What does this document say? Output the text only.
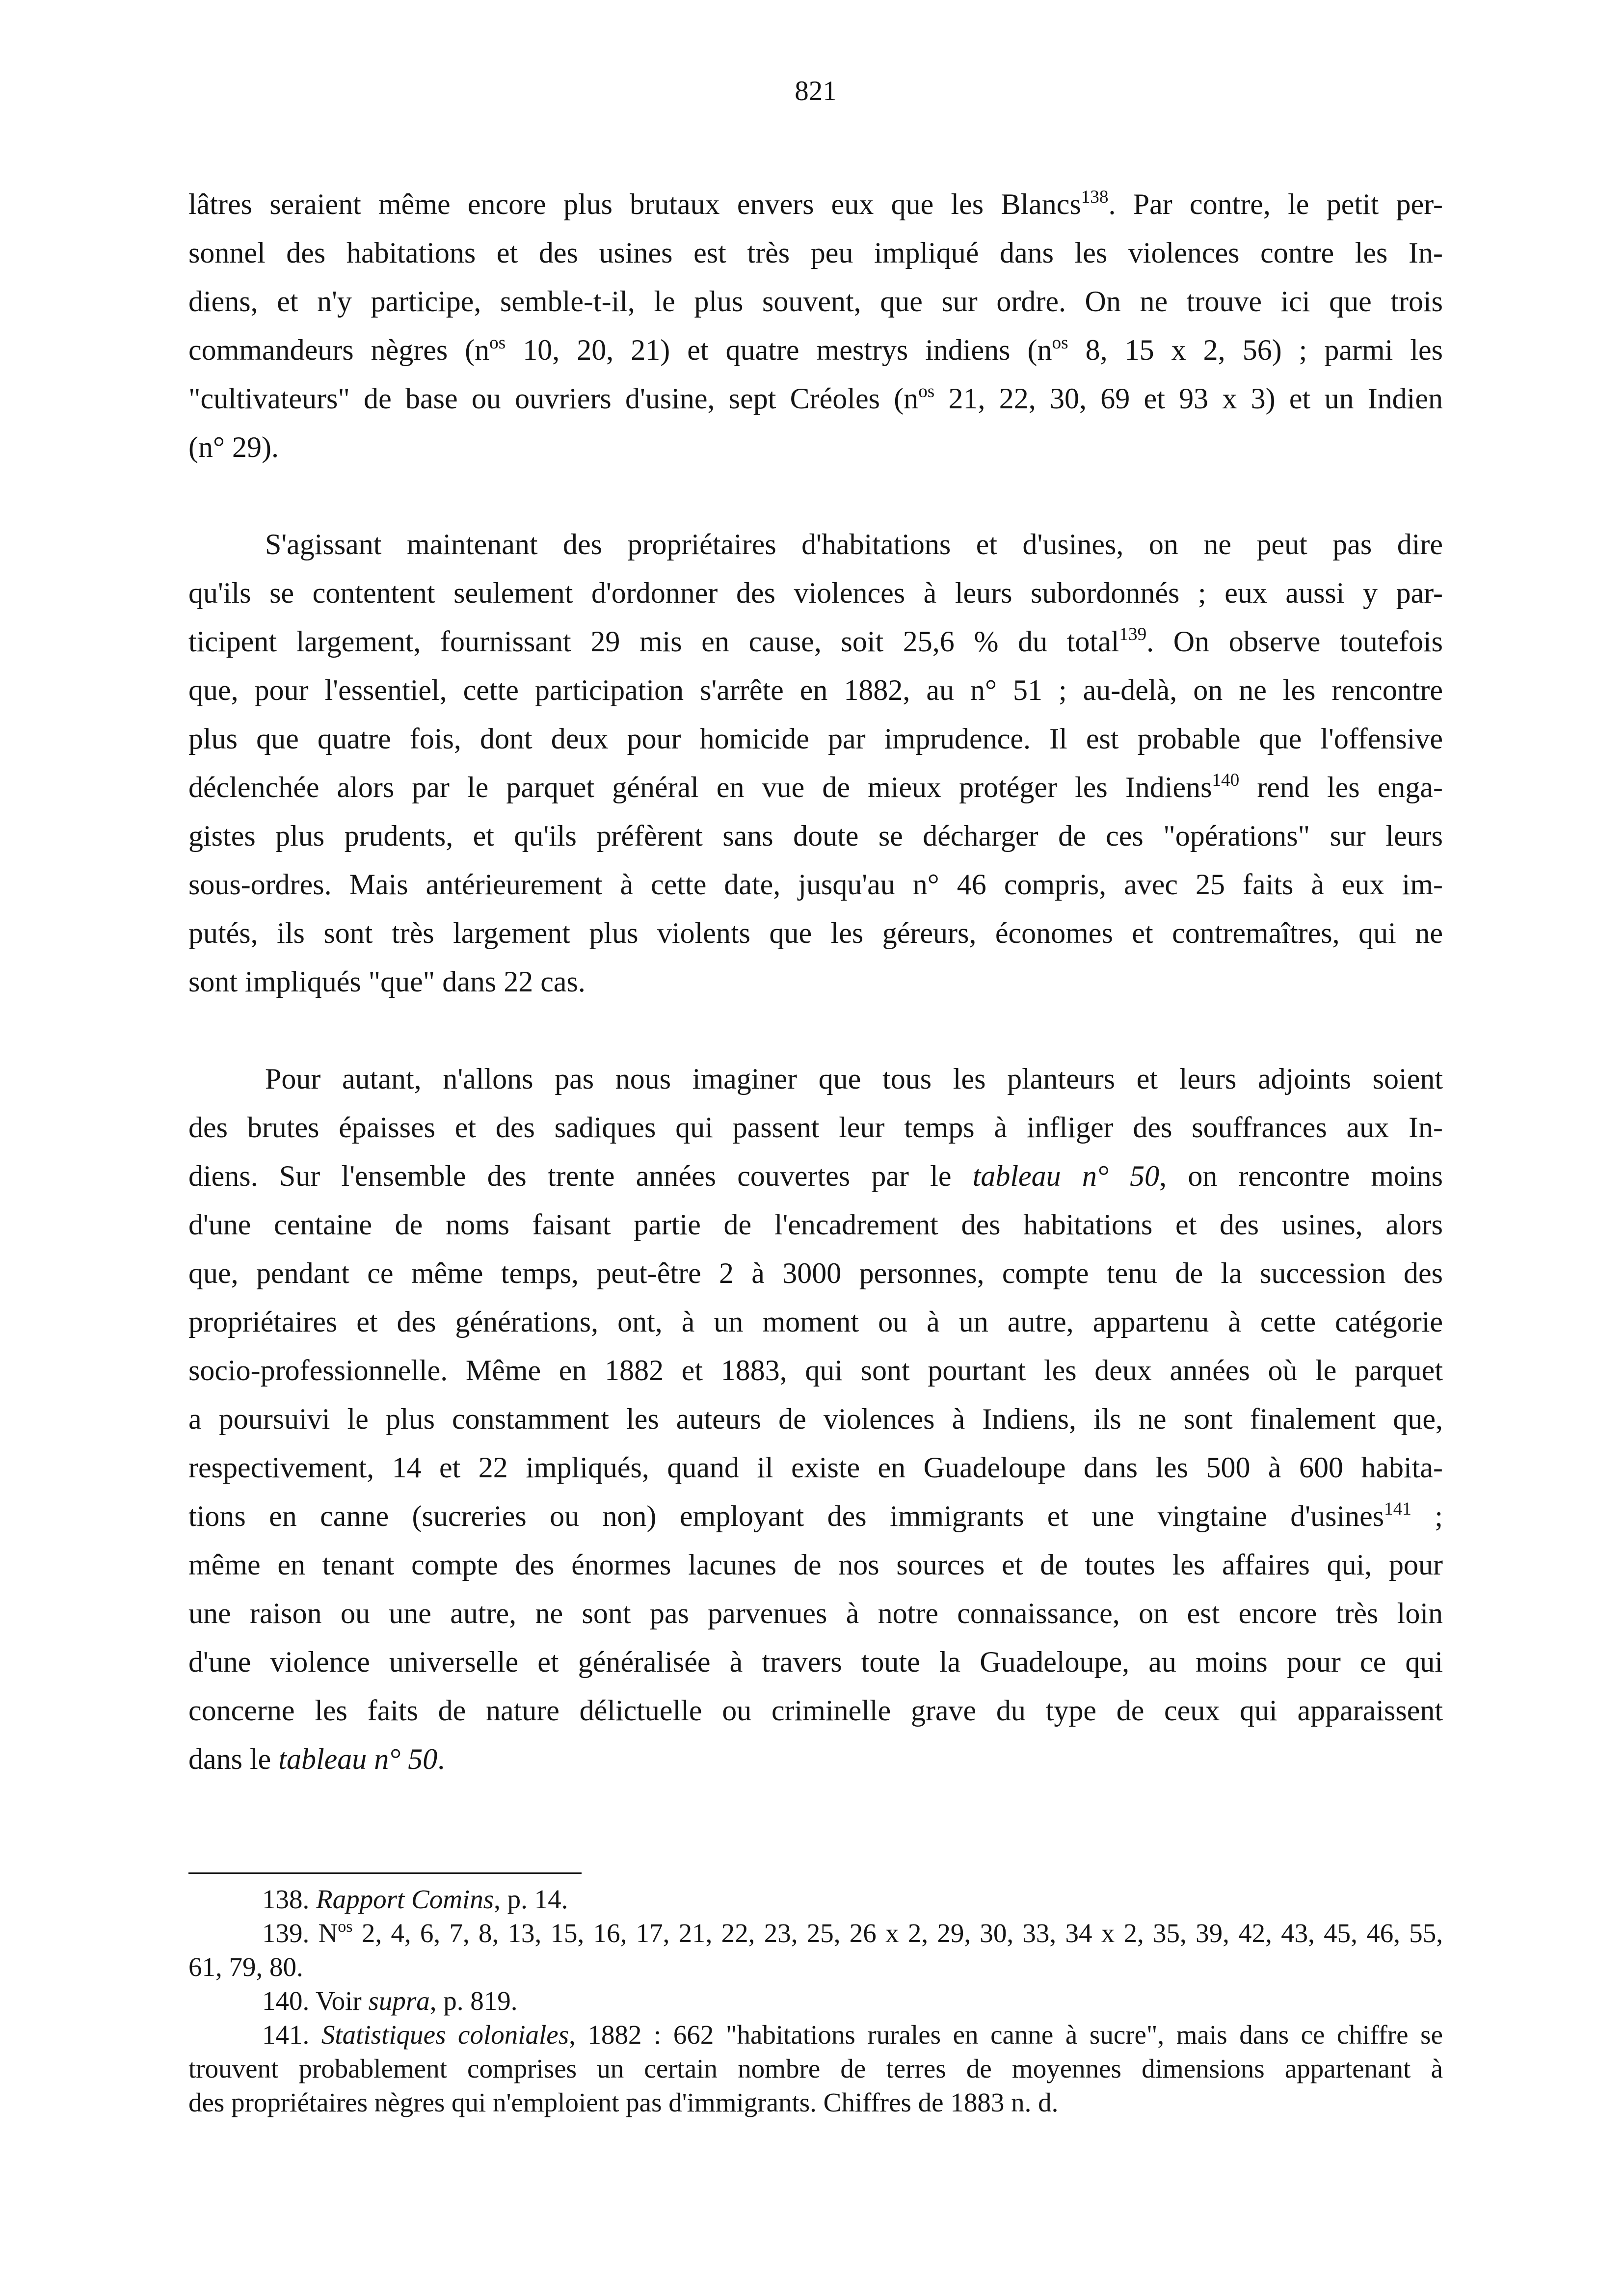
821
lâtres seraient même encore plus brutaux envers eux que les Blancs$^{138}$. Par contre, le petit per-
sonnel des habitations et des usines est très peu impliqué dans les violences contre les In-
diens, et n'y participe, semble-t-il, le plus souvent, que sur ordre. On ne trouve ici que trois
commandeurs nègres ($n^{os}$ 10, 20, 21) et quatre mestrys indiens ($n^{os}$ 8, 15 x 2, 56) ; parmi les
"cultivateurs" de base ou ouvriers d'usine, sept Créoles ($n^{os}$ 21, 22, 30, 69 et 93 x 3) et un Indien
(n° 29).
S'agissant maintenant des propriétaires d'habitations et d'usines, on ne peut pas dire
qu'ils se contentent seulement d'ordonner des violences à leurs subordonnés ; eux aussi y par-
ticipent largement, fournissant 29 mis en cause, soit 25,6 % du total$^{139}$. On observe toutefois
que, pour l'essentiel, cette participation s'arrête en 1882, au n° 51 ; au-delà, on ne les rencontre
plus que quatre fois, dont deux pour homicide par imprudence. Il est probable que l'offensive
déclenchée alors par le parquet général en vue de mieux protéger les Indiens$^{140}$ rend les enga-
gistes plus prudents, et qu'ils préfèrent sans doute se décharger de ces "opérations" sur leurs
sous-ordres. Mais antérieurement à cette date, jusqu'au n° 46 compris, avec 25 faits à eux im-
putés, ils sont très largement plus violents que les géreurs, économes et contremaîtres, qui ne
sont impliqués "que" dans 22 cas.
Pour autant, n'allons pas nous imaginer que tous les planteurs et leurs adjoints soient
des brutes épaisses et des sadiques qui passent leur temps à infliger des souffrances aux In-
diens. Sur l'ensemble des trente années couvertes par le tableau n° 50, on rencontre moins
d'une centaine de noms faisant partie de l'encadrement des habitations et des usines, alors
que, pendant ce même temps, peut-être 2 à 3000 personnes, compte tenu de la succession des
propriétaires et des générations, ont, à un moment ou à un autre, appartenu à cette catégorie
socio-professionnelle. Même en 1882 et 1883, qui sont pourtant les deux années où le parquet
a poursuivi le plus constamment les auteurs de violences à Indiens, ils ne sont finalement que,
respectivement, 14 et 22 impliqués, quand il existe en Guadeloupe dans les 500 à 600 habita-
tions en canne (sucreries ou non) employant des immigrants et une vingtaine d'usines$^{141}$ ;
même en tenant compte des énormes lacunes de nos sources et de toutes les affaires qui, pour
une raison ou une autre, ne sont pas parvenues à notre connaissance, on est encore très loin
d'une violence universelle et généralisée à travers toute la Guadeloupe, au moins pour ce qui
concerne les faits de nature délictuelle ou criminelle grave du type de ceux qui apparaissent
dans le tableau n° 50.
138. Rapport Comins, p. 14.
139. $N^{os}$ 2, 4, 6, 7, 8, 13, 15, 16, 17, 21, 22, 23, 25, 26 x 2, 29, 30, 33, 34 x 2, 35, 39, 42, 43, 45, 46, 55,
61, 79, 80.
140. Voir supra, p. 819.
141. Statistiques coloniales, 1882 : 662 "habitations rurales en canne à sucre", mais dans ce chiffre se
trouvent probablement comprises un certain nombre de terres de moyennes dimensions appartenant à
des propriétaires nègres qui n'emploient pas d'immigrants. Chiffres de 1883 n. d.
